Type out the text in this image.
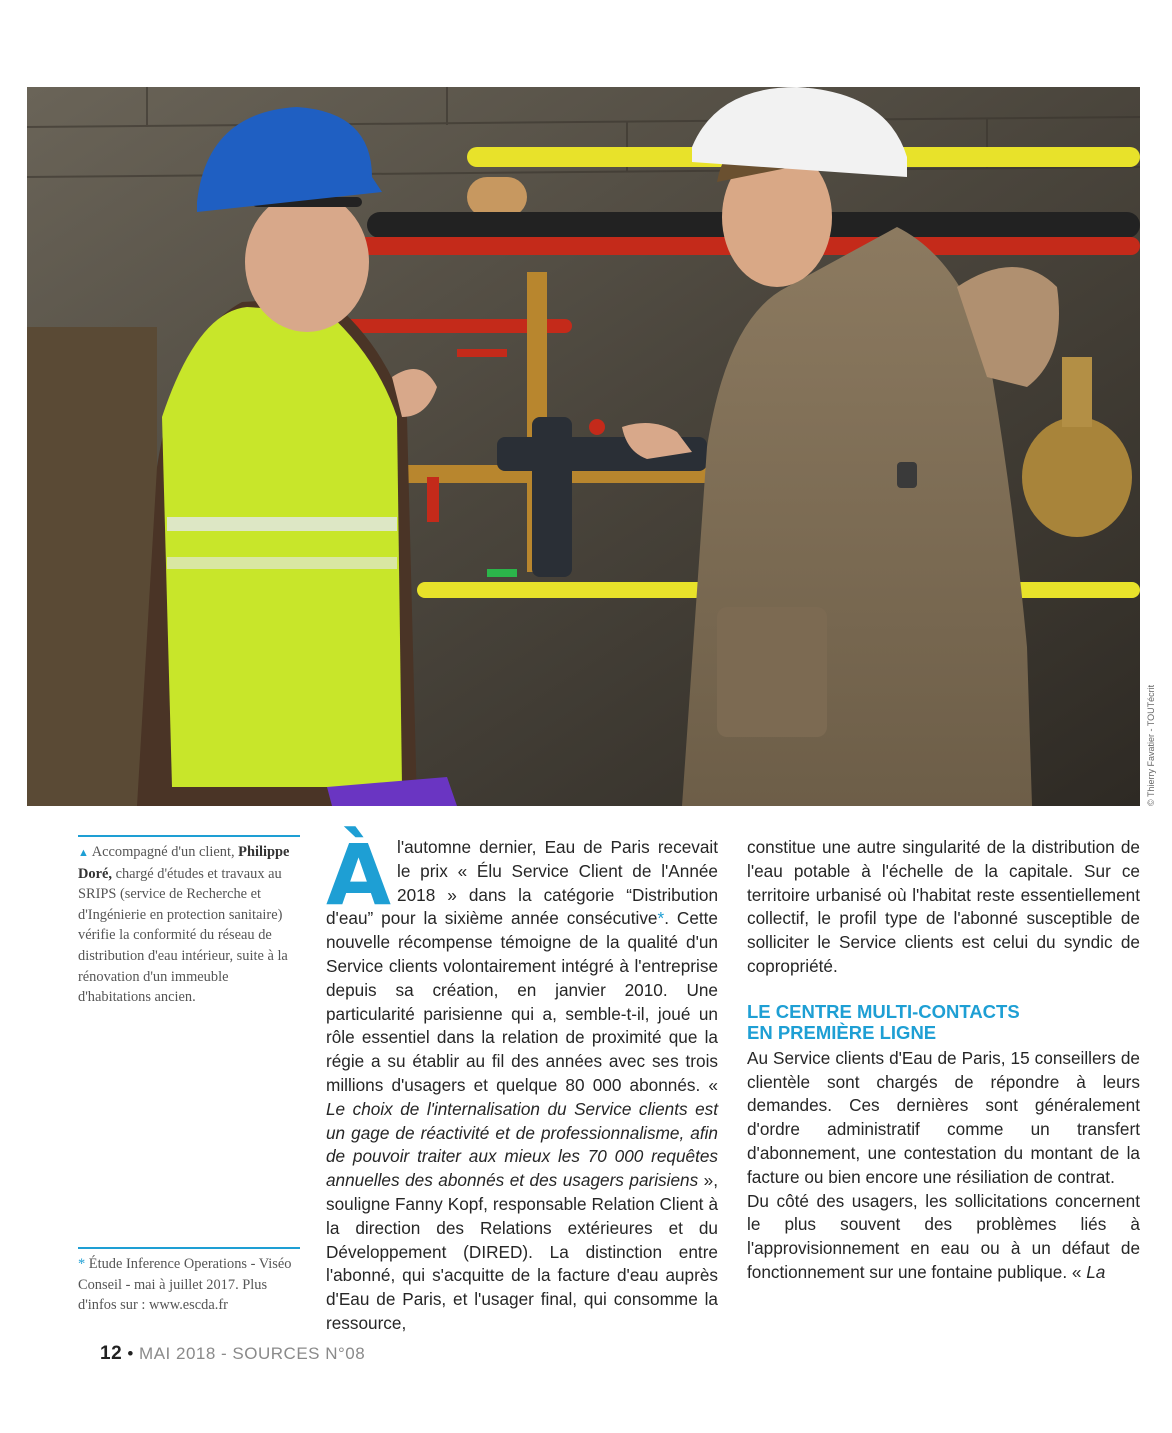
© Thierry Favatier - TOUTécrit
▲ Accompagné d'un client, Philippe Doré, chargé d'études et travaux au SRIPS (service de Recherche et d'Ingénierie en protection sanitaire) vérifie la conformité du réseau de distribution d'eau intérieur, suite à la rénovation d'un immeuble d'habitations ancien.
* Étude Inference Operations - Viséo Conseil - mai à juillet 2017. Plus d'infos sur : www.escda.fr

Àl'automne dernier, Eau de Paris recevait le prix « Élu Service Client de l'Année 2018 » dans la catégorie “Distribution d'eau” pour la sixième année consécutive*. Cette nouvelle récompense témoigne de la qualité d'un Service clients volontairement intégré à l'entreprise depuis sa création, en janvier 2010. Une particularité parisienne qui a, semble-t-il, joué un rôle essentiel dans la relation de proximité que la régie a su établir au fil des années avec ses trois millions d'usagers et quelque 80 000 abonnés. « Le choix de l'internalisation du Service clients est un gage de réactivité et de professionnalisme, afin de pouvoir traiter aux mieux les 70 000 requêtes annuelles des abonnés et des usagers parisiens », souligne Fanny Kopf, responsable Relation Client à la direction des Relations extérieures et du Développement (DIRED). La distinction entre l'abonné, qui s'acquitte de la facture d'eau auprès d'Eau de Paris, et l'usager final, qui consomme la ressource,

constitue une autre singularité de la distribution de l'eau potable à l'échelle de la capitale. Sur ce territoire urbanisé où l'habitat reste essentiellement collectif, le profil type de l'abonné susceptible de solliciter le Service clients est celui du syndic de copropriété.

LE CENTRE MULTI-CONTACTS
EN PREMIÈRE LIGNE

Au Service clients d'Eau de Paris, 15 conseillers de clientèle sont chargés de répondre à leurs demandes. Ces dernières sont généralement d'ordre administratif comme un transfert d'abonnement, une contestation du montant de la facture ou bien encore une résiliation de contrat.

Du côté des usagers, les sollicitations concernent le plus souvent des problèmes liés à l'approvisionnement en eau ou à un défaut de fonctionnement sur une fontaine publique. « La

12 • MAI 2018 - SOURCES N°08
